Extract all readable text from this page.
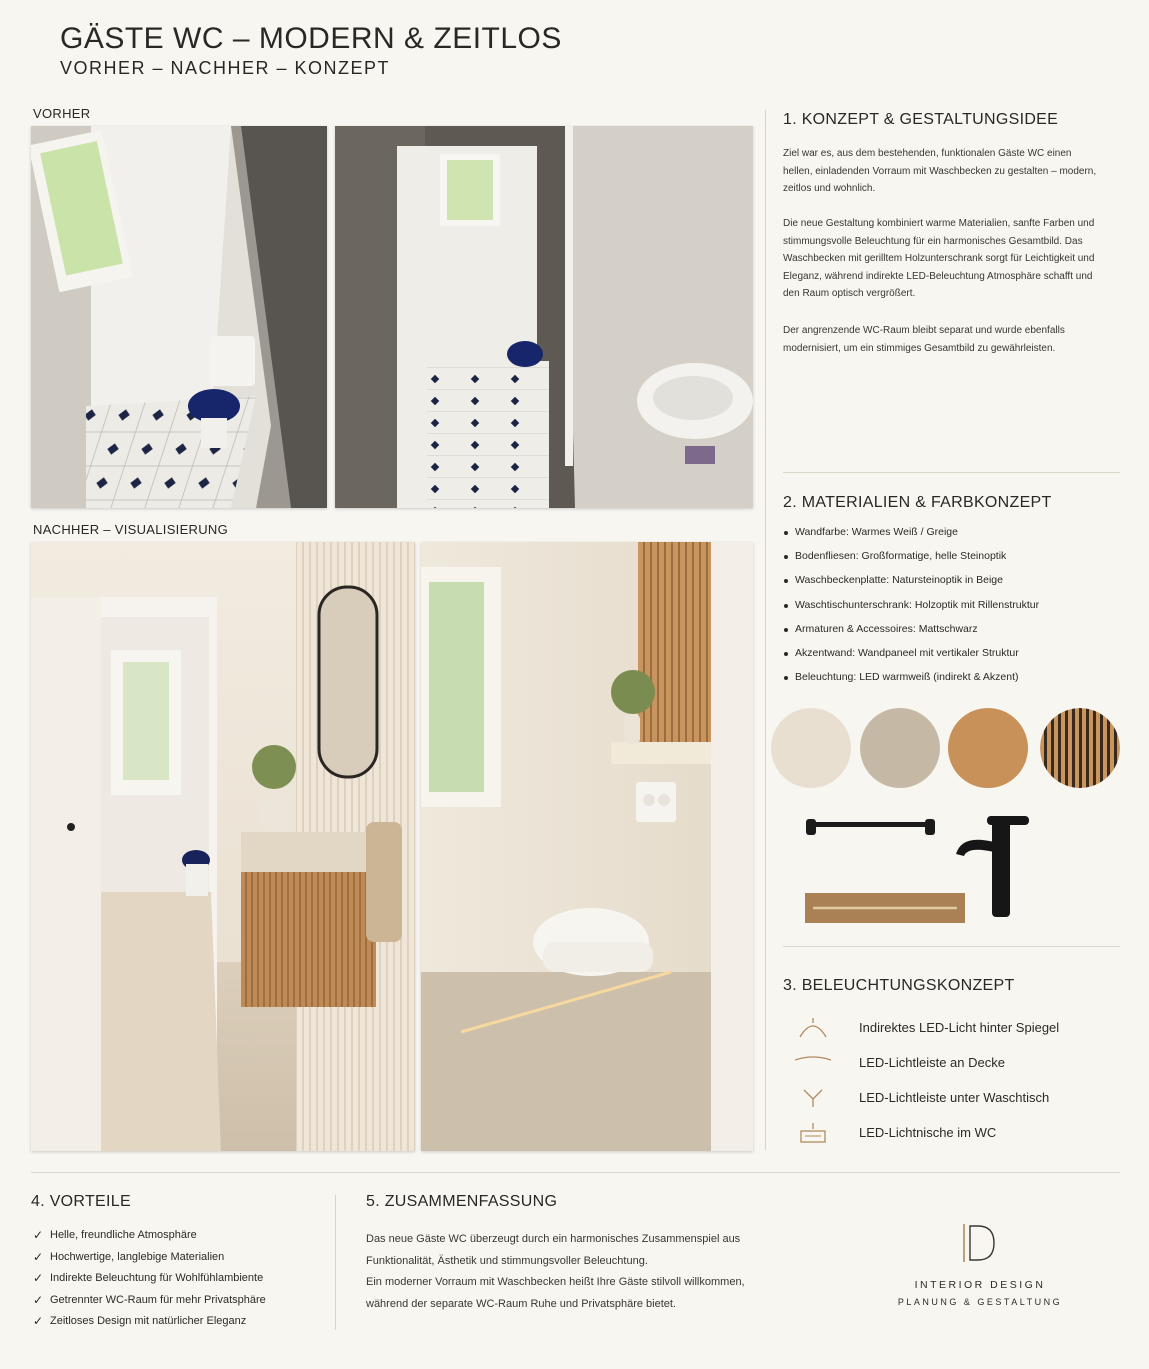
GÄSTE WC – MODERN & ZEITLOS
VORHER – NACHHER – KONZEPT
VORHER
NACHHER – VISUALISIERUNG
1. KONZEPT & GESTALTUNGSIDEE
Ziel war es, aus dem bestehenden, funktionalen Gäste WC einen hellen, einladenden Vorraum mit Waschbecken zu gestalten – modern, zeitlos und wohnlich.
Die neue Gestaltung kombiniert warme Materialien, sanfte Farben und stimmungsvolle Beleuchtung für ein harmonisches Gesamtbild. Das Waschbecken mit gerilltem Holzunterschrank sorgt für Leichtigkeit und Eleganz, während indirekte LED-Beleuchtung Atmosphäre schafft und den Raum optisch vergrößert.
Der angrenzende WC-Raum bleibt separat und wurde ebenfalls modernisiert, um ein stimmiges Gesamtbild zu gewährleisten.
2. MATERIALIEN & FARBKONZEPT
Wandfarbe: Warmes Weiß / Greige
Bodenfliesen: Großformatige, helle Steinoptik
Waschbeckenplatte: Natursteinoptik in Beige
Waschtischunterschrank: Holzoptik mit Rillenstruktur
Armaturen & Accessoires: Mattschwarz
Akzentwand: Wandpaneel mit vertikaler Struktur
Beleuchtung: LED warmweiß (indirekt & Akzent)
3. BELEUCHTUNGSKONZEPT
Indirektes LED-Licht hinter Spiegel
LED-Lichtleiste an Decke
LED-Lichtleiste unter Waschtisch
LED-Lichtnische im WC
4. VORTEILE
✓ Helle, freundliche Atmosphäre
✓ Hochwertige, langlebige Materialien
✓ Indirekte Beleuchtung für Wohlfühlambiente
✓ Getrennter WC-Raum für mehr Privatsphäre
✓ Zeitloses Design mit natürlicher Eleganz
5. ZUSAMMENFASSUNG
Das neue Gäste WC überzeugt durch ein harmonisches Zusammenspiel aus Funktionalität, Ästhetik und stimmungsvoller Beleuchtung.
Ein moderner Vorraum mit Waschbecken heißt Ihre Gäste stilvoll willkommen, während der separate WC-Raum Ruhe und Privatsphäre bietet.
INTERIOR DESIGN
PLANUNG & GESTALTUNG
